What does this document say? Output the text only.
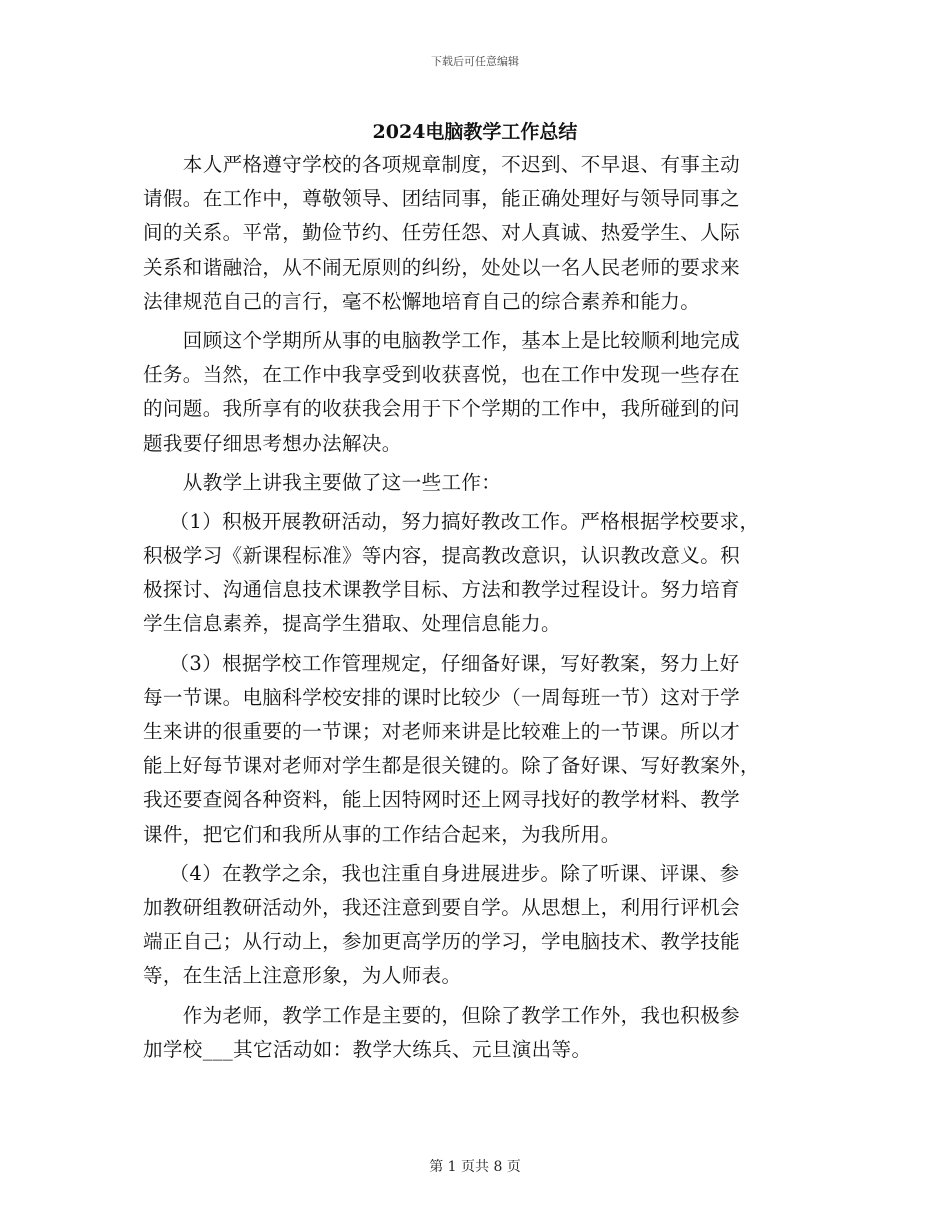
下载后可任意编辑
2024电脑教学工作总结
　　本人严格遵守学校的各项规章制度，不迟到、不早退、有事主动
请假。在工作中，尊敬领导、团结同事，能正确处理好与领导同事之
间的关系。平常，勤俭节约、任劳任怨、对人真诚、热爱学生、人际
关系和谐融洽，从不闹无原则的纠纷，处处以一名人民老师的要求来
法律规范自己的言行，毫不松懈地培育自己的综合素养和能力。
　　回顾这个学期所从事的电脑教学工作，基本上是比较顺利地完成
任务。当然，在工作中我享受到收获喜悦，也在工作中发现一些存在
的问题。我所享有的收获我会用于下个学期的工作中，我所碰到的问
题我要仔细思考想办法解决。
　　从教学上讲我主要做了这一些工作：
　 （1）积极开展教研活动，努力搞好教改工作。严格根据学校要求，
积极学习《新课程标准》等内容，提高教改意识，认识教改意义。积
极探讨、沟通信息技术课教学目标、方法和教学过程设计。努力培育
学生信息素养，提高学生猎取、处理信息能力。
　 （3）根据学校工作管理规定，仔细备好课，写好教案，努力上好
每一节课。电脑科学校安排的课时比较少（一周每班一节）这对于学
生来讲的很重要的一节课；对老师来讲是比较难上的一节课。所以才
能上好每节课对老师对学生都是很关键的。除了备好课、写好教案外，
我还要查阅各种资料，能上因特网时还上网寻找好的教学材料、教学
课件，把它们和我所从事的工作结合起来，为我所用。
　 （4）在教学之余，我也注重自身进展进步。除了听课、评课、参
加教研组教研活动外，我还注意到要自学。从思想上，利用行评机会
端正自己；从行动上，参加更高学历的学习，学电脑技术、教学技能
等，在生活上注意形象，为人师表。
　　作为老师，教学工作是主要的，但除了教学工作外，我也积极参
加学校___其它活动如：教学大练兵、元旦演出等。
第 1 页共 8 页
